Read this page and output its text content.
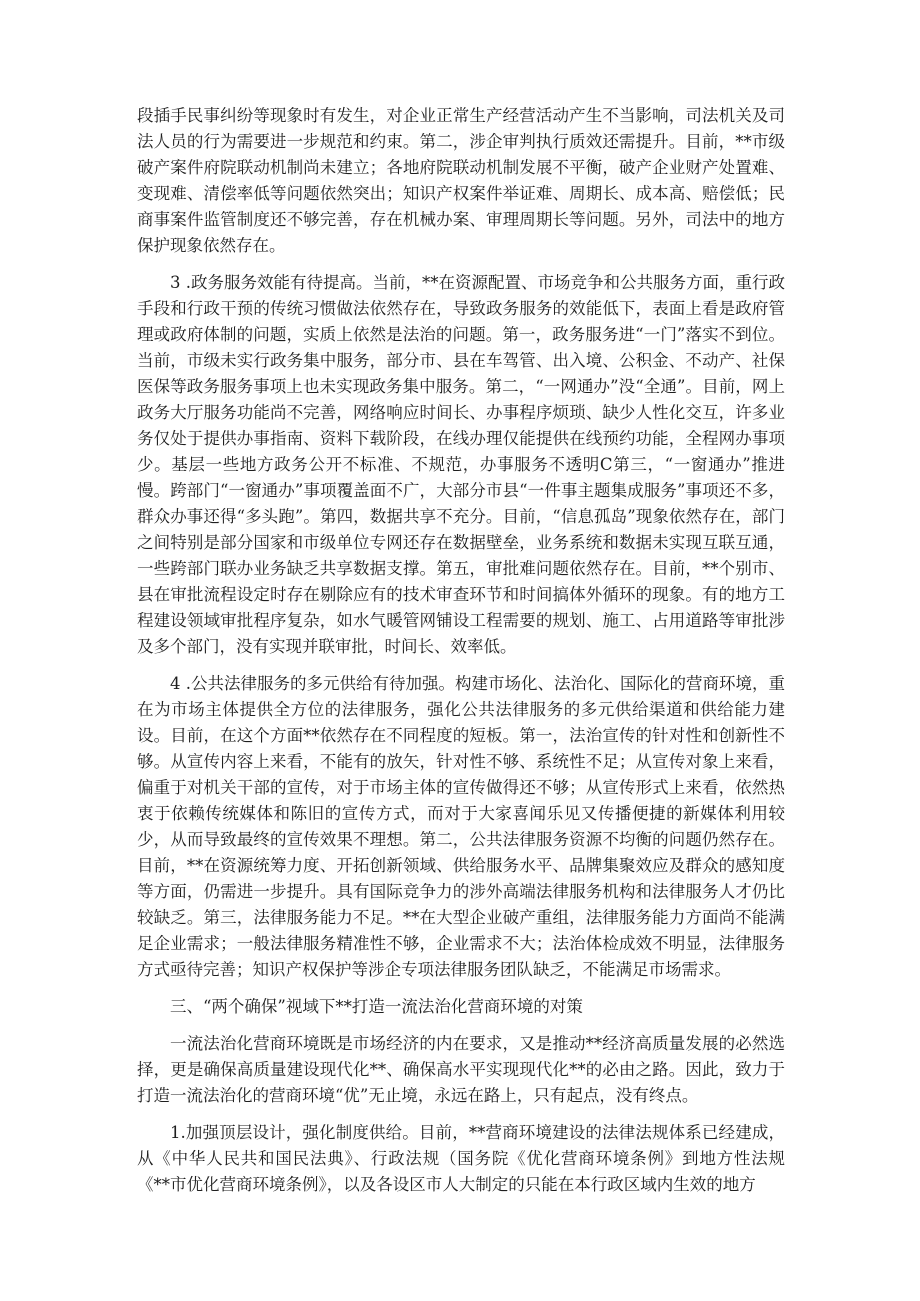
段插手民事纠纷等现象时有发生，对企业正常生产经营活动产生不当影响，司法机关及司法人员的行为需要进一步规范和约束。第二，涉企审判执行质效还需提升。目前，**市级破产案件府院联动机制尚未建立；各地府院联动机制发展不平衡，破产企业财产处置难、变现难、清偿率低等问题依然突出；知识产权案件举证难、周期长、成本高、赔偿低；民商事案件监管制度还不够完善，存在机械办案、审理周期长等问题。另外，司法中的地方保护现象依然存在。

3 .政务服务效能有待提高。当前，**在资源配置、市场竞争和公共服务方面，重行政手段和行政干预的传统习惯做法依然存在，导致政务服务的效能低下，表面上看是政府管理或政府体制的问题，实质上依然是法治的问题。第一，政务服务进“一门”落实不到位。当前，市级未实行政务集中服务，部分市、县在车驾管、出入境、公积金、不动产、社保医保等政务服务事项上也未实现政务集中服务。第二，“一网通办”没“全通”。目前，网上政务大厅服务功能尚不完善，网络响应时间长、办事程序烦琐、缺少人性化交互，许多业务仅处于提供办事指南、资料下载阶段，在线办理仅能提供在线预约功能，全程网办事项少。基层一些地方政务公开不标准、不规范，办事服务不透明C第三，“一窗通办”推进慢。跨部门“一窗通办”事项覆盖面不广，大部分市县“一件事主题集成服务”事项还不多，群众办事还得“多头跑”。第四，数据共享不充分。目前，“信息孤岛”现象依然存在，部门之间特别是部分国家和市级单位专网还存在数据壁垒，业务系统和数据未实现互联互通，一些跨部门联办业务缺乏共享数据支撑。第五，审批难问题依然存在。目前，**个别市、县在审批流程设定时存在剔除应有的技术审查环节和时间搞体外循环的现象。有的地方工程建设领域审批程序复杂，如水气暖管网铺设工程需要的规划、施工、占用道路等审批涉及多个部门，没有实现并联审批，时间长、效率低。

4 .公共法律服务的多元供给有待加强。构建市场化、法治化、国际化的营商环境，重在为市场主体提供全方位的法律服务，强化公共法律服务的多元供给渠道和供给能力建设。目前，在这个方面**依然存在不同程度的短板。第一，法治宣传的针对性和创新性不够。从宣传内容上来看，不能有的放矢，针对性不够、系统性不足；从宣传对象上来看，偏重于对机关干部的宣传，对于市场主体的宣传做得还不够；从宣传形式上来看，依然热衷于依赖传统媒体和陈旧的宣传方式，而对于大家喜闻乐见又传播便捷的新媒体利用较少，从而导致最终的宣传效果不理想。第二，公共法律服务资源不均衡的问题仍然存在。目前，**在资源统筹力度、开拓创新领域、供给服务水平、品牌集聚效应及群众的感知度等方面，仍需进一步提升。具有国际竞争力的涉外高端法律服务机构和法律服务人才仍比较缺乏。第三，法律服务能力不足。**在大型企业破产重组，法律服务能力方面尚不能满足企业需求；一般法律服务精准性不够，企业需求不大；法治体检成效不明显，法律服务方式亟待完善；知识产权保护等涉企专项法律服务团队缺乏，不能满足市场需求。

三、“两个确保”视域下**打造一流法治化营商环境的对策

一流法治化营商环境既是市场经济的内在要求，又是推动**经济高质量发展的必然选择，更是确保高质量建设现代化**、确保高水平实现现代化**的必由之路。因此，致力于打造一流法治化的营商环境“优”无止境，永远在路上，只有起点，没有终点。

1.加强顶层设计，强化制度供给。目前，**营商环境建设的法律法规体系已经建成，从《中华人民共和国民法典》、行政法规（国务院《优化营商环境条例》到地方性法规《**市优化营商环境条例》，以及各设区市人大制定的只能在本行政区域内生效的地方
